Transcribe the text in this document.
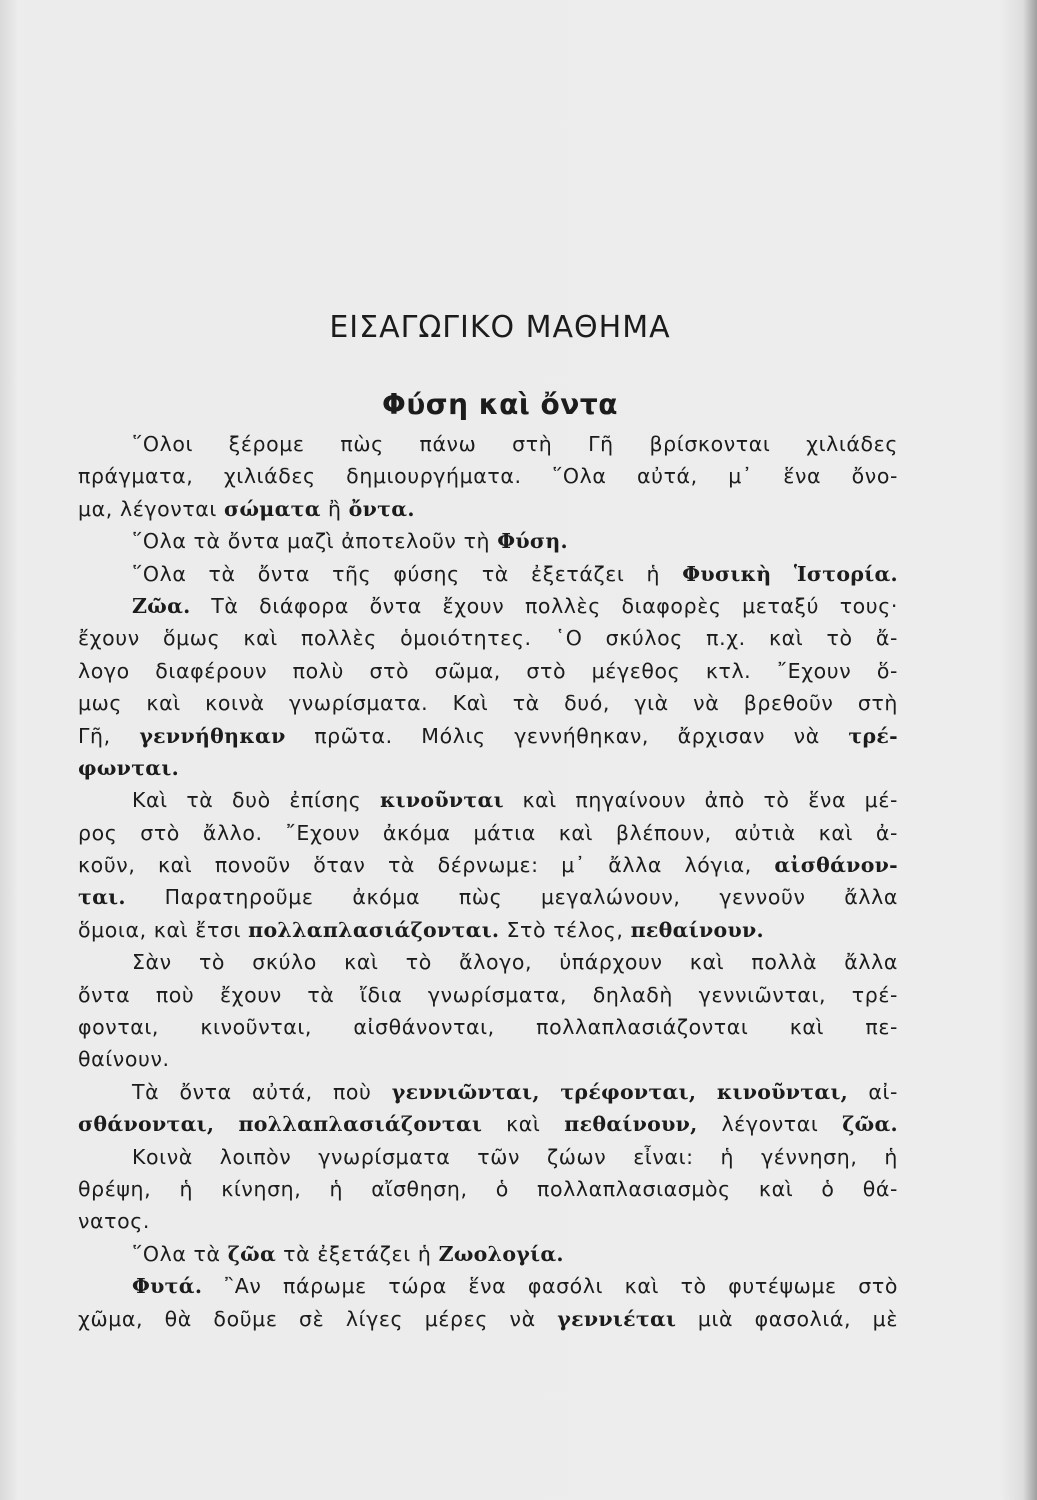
ΕΙΣΑΓΩΓΙΚΟ ΜΑΘΗΜΑ
Φύση καὶ ὄντα
῞Ολοι ξέρομε πὼς πάνω στὴ Γῆ βρίσκονται χιλιάδες
πράγματα, χιλιάδες δημιουργήματα. ῞Ολα αὐτά, μ᾿ ἕνα ὄνο-
μα, λέγονται σώματα ἢ ὄντα.
῞Ολα τὰ ὄντα μαζὶ ἀποτελοῦν τὴ Φύση.
῞Ολα τὰ ὄντα τῆς φύσης τὰ ἐξετάζει ἡ Φυσικὴ Ἱστορία.
Ζῶα. Τὰ διάφορα ὄντα ἔχουν πολλὲς διαφορὲς μεταξύ τους·
ἔχουν ὅμως καὶ πολλὲς ὁμοιότητες. ῾Ο σκύλος π.χ. καὶ τὸ ἄ-
λογο διαφέρουν πολὺ στὸ σῶμα, στὸ μέγεθος κτλ. ῎Εχουν ὅ-
μως καὶ κοινὰ γνωρίσματα. Καὶ τὰ δυό, γιὰ νὰ βρεθοῦν στὴ
Γῆ, γεννήθηκαν πρῶτα. Μόλις γεννήθηκαν, ἄρχισαν νὰ τρέ-
φωνται.
Καὶ τὰ δυὸ ἐπίσης κινοῦνται καὶ πηγαίνουν ἀπὸ τὸ ἕνα μέ-
ρος στὸ ἄλλο. ῎Εχουν ἀκόμα μάτια καὶ βλέπουν, αὐτιὰ καὶ ἀ-
κοῦν, καὶ πονοῦν ὅταν τὰ δέρνωμε: μ᾿ ἄλλα λόγια, αἰσθάνον-
ται. Παρατηροῦμε ἀκόμα πὼς μεγαλώνουν, γεννοῦν ἄλλα
ὅμοια, καὶ ἔτσι πολλαπλασιάζονται. Στὸ τέλος, πεθαίνουν.
Σὰν τὸ σκύλο καὶ τὸ ἄλογο, ὑπάρχουν καὶ πολλὰ ἄλλα
ὄντα ποὺ ἔχουν τὰ ἴδια γνωρίσματα, δηλαδὴ γεννιῶνται, τρέ-
φονται, κινοῦνται, αἰσθάνονται, πολλαπλασιάζονται καὶ πε-
θαίνουν.
Τὰ ὄντα αὐτά, ποὺ γεννιῶνται, τρέφονται, κινοῦνται, αἰ-
σθάνονται, πολλαπλασιάζονται καὶ πεθαίνουν, λέγονται ζῶα.
Κοινὰ λοιπὸν γνωρίσματα τῶν ζώων εἶναι: ἡ γέννηση, ἡ
θρέψη, ἡ κίνηση, ἡ αἴσθηση, ὁ πολλαπλασιασμὸς καὶ ὁ θά-
νατος.
῞Ολα τὰ ζῶα τὰ ἐξετάζει ἡ Ζωολογία.
Φυτά. ῍Αν πάρωμε τώρα ἕνα φασόλι καὶ τὸ φυτέψωμε στὸ
χῶμα, θὰ δοῦμε σὲ λίγες μέρες νὰ γεννιέται μιὰ φασολιά, μὲ
